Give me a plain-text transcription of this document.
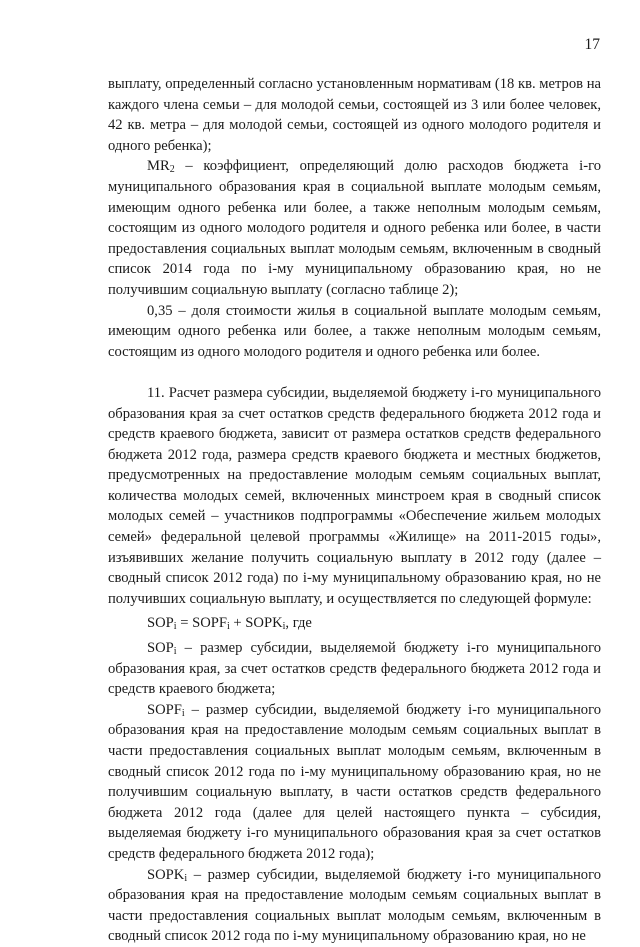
17

выплату, определенный согласно установленным нормативам (18 кв. метров на каждого члена семьи – для молодой семьи, состоящей из 3 или более человек, 42 кв. метра – для молодой семьи, состоящей из одного молодого родителя и одного ребенка);

$MR_2$ – коэффициент, определяющий долю расходов бюджета i-го муниципального образования края в социальной выплате молодым семьям, имеющим одного ребенка или более, а также неполным молодым семьям, состоящим из одного молодого родителя и одного ребенка или более, в части предоставления социальных выплат молодым семьям, включенным в сводный список 2014 года по i-му муниципальному образованию края, но не получившим социальную выплату (согласно таблице 2);

0,35 – доля стоимости жилья в социальной выплате молодым семьям, имеющим одного ребенка или более, а также неполным молодым семьям, состоящим из одного молодого родителя и одного ребенка или более.

11. Расчет размера субсидии, выделяемой бюджету i-го муниципального образования края за счет остатков средств федерального бюджета 2012 года и средств краевого бюджета, зависит от размера остатков средств федерального бюджета 2012 года, размера средств краевого бюджета и местных бюджетов, предусмотренных на предоставление молодым семьям социальных выплат, количества молодых семей, включенных минстроем края в сводный список молодых семей – участников подпрограммы «Обеспечение жильем молодых семей» федеральной целевой программы «Жилище» на 2011-2015 годы», изъявивших желание получить социальную выплату в 2012 году (далее – сводный список 2012 года) по i-му муниципальному образованию края, но не получивших социальную выплату, и осуществляется по следующей формуле:

$SOP_i$ = $SOPF_i$ + $SOPK_i$, где

$SOP_i$ – размер субсидии, выделяемой бюджету i-го муниципального образования края, за счет остатков средств федерального бюджета 2012 года и средств краевого бюджета;

$SOPF_i$ – размер субсидии, выделяемой бюджету i-го муниципального образования края на предоставление молодым семьям социальных выплат в части предоставления социальных выплат молодым семьям, включенным в сводный список 2012 года по i-му муниципальному образованию края, но не получившим социальную выплату, в части остатков средств федерального бюджета 2012 года (далее для целей настоящего пункта – субсидия, выделяемая бюджету i-го муниципального образования края за счет остатков средств федерального бюджета 2012 года);

$SOPK_i$ – размер субсидии, выделяемой бюджету i-го муниципального образования края на предоставление молодым семьям социальных выплат в части предоставления социальных выплат молодым семьям, включенным в сводный список 2012 года по i-му муниципальному образованию края, но не
